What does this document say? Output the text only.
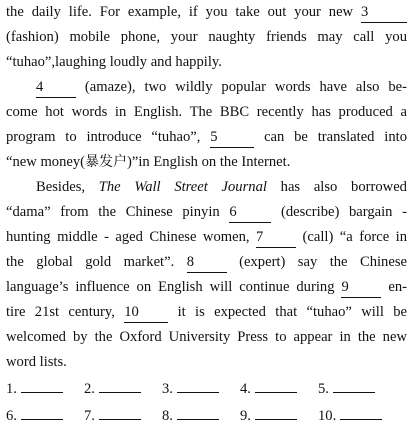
the daily life. For example, if you take out your new 3
(fashion) mobile phone, your naughty friends may call you
“tuhao”,laughing loudly and happily.
4	(amaze), two wildly popular words have also be-
come hot words in English. The BBC recently has produced a
program to introduce “tuhao”, 5	can be translated into
“new money(暴发户)”in English on the Internet.
Besides, The Wall Street Journal has also borrowed
“dama” from the Chinese pinyin 6	(describe) bargain -
hunting middle - aged Chinese women, 7	(call) “a force in
the global gold market”. 8	(expert) say the Chinese
language’s influence on English will continue during 9	en-
tire 21st century, 10	it is expected that “tuhao” will be
welcomed by the Oxford University Press to appear in the new
word lists.
1.	2.	3.	4.	5.
6.	7.	8.	9.	10.
